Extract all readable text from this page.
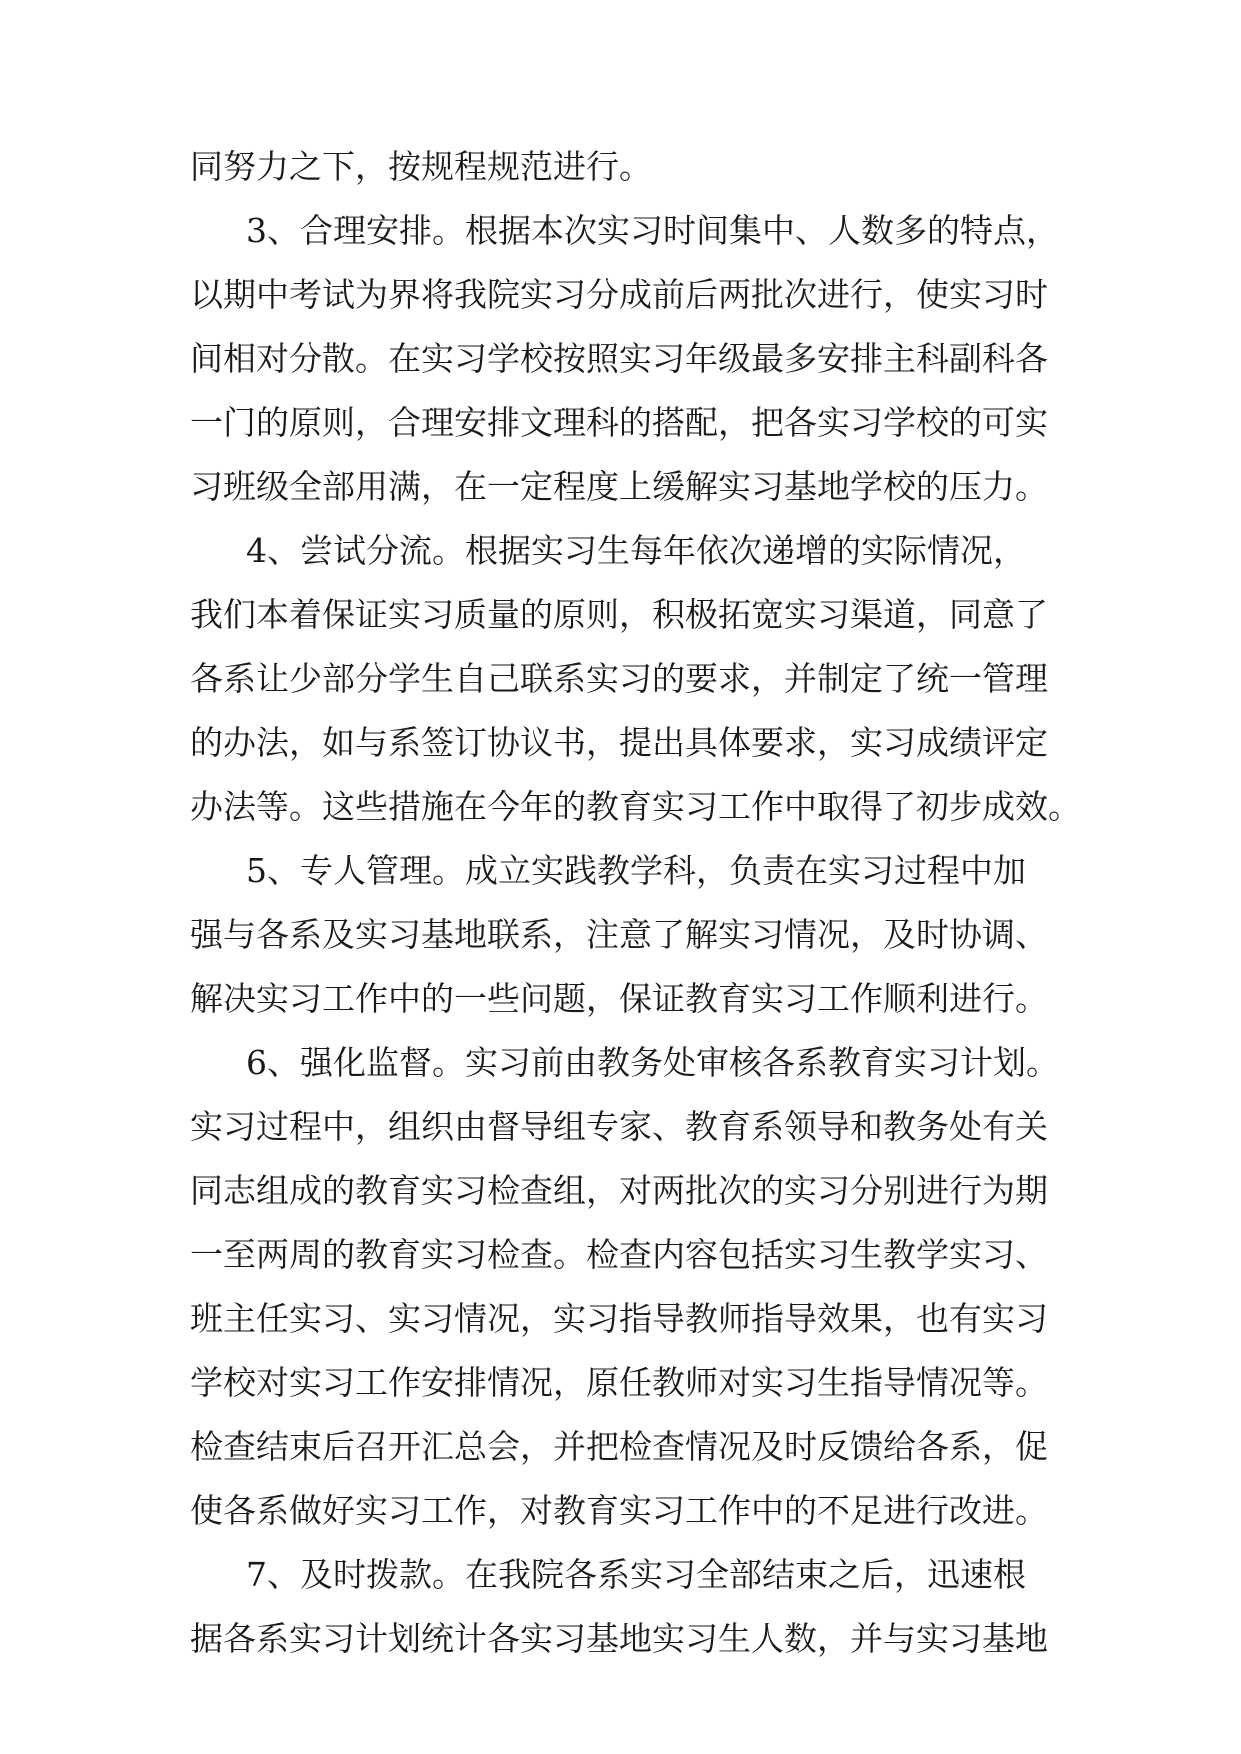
同努力之下，按规程规范进行。
3、合理安排。根据本次实习时间集中、人数多的特点，
以期中考试为界将我院实习分成前后两批次进行，使实习时
间相对分散。在实习学校按照实习年级最多安排主科副科各
一门的原则，合理安排文理科的搭配，把各实习学校的可实
习班级全部用满，在一定程度上缓解实习基地学校的压力。
4、尝试分流。根据实习生每年依次递增的实际情况，
我们本着保证实习质量的原则，积极拓宽实习渠道，同意了
各系让少部分学生自己联系实习的要求，并制定了统一管理
的办法，如与系签订协议书，提出具体要求，实习成绩评定
办法等。这些措施在今年的教育实习工作中取得了初步成效。
5、专人管理。成立实践教学科，负责在实习过程中加
强与各系及实习基地联系，注意了解实习情况，及时协调、
解决实习工作中的一些问题，保证教育实习工作顺利进行。
6、强化监督。实习前由教务处审核各系教育实习计划。
实习过程中，组织由督导组专家、教育系领导和教务处有关
同志组成的教育实习检查组，对两批次的实习分别进行为期
一至两周的教育实习检查。检查内容包括实习生教学实习、
班主任实习、实习情况，实习指导教师指导效果，也有实习
学校对实习工作安排情况，原任教师对实习生指导情况等。
检查结束后召开汇总会，并把检查情况及时反馈给各系，促
使各系做好实习工作，对教育实习工作中的不足进行改进。
7、及时拨款。在我院各系实习全部结束之后，迅速根
据各系实习计划统计各实习基地实习生人数，并与实习基地
